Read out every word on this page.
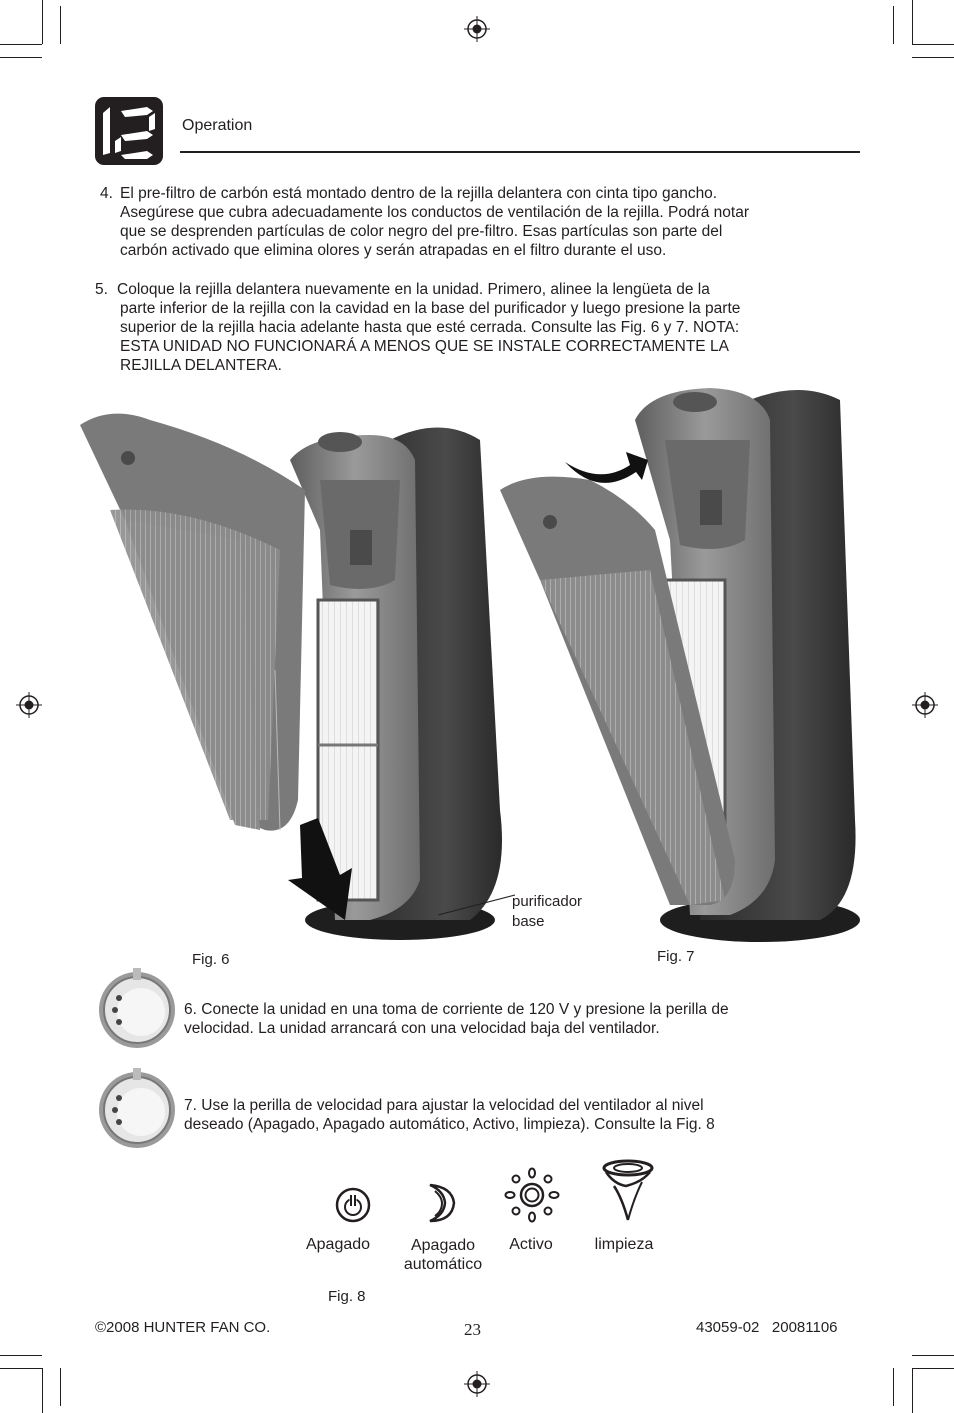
Operation
4. El pre-filtro de carbón está montado dentro de la rejilla delantera con cinta tipo gancho.

Asegúrese que cubra adecuadamente los conductos de ventilación de la rejilla. Podrá notar

que se desprenden partículas de color negro del pre-filtro. Esas partículas son parte del

carbón activado que elimina olores y serán atrapadas en el filtro durante el uso.

5. Coloque la rejilla delantera nuevamente en la unidad. Primero, alinee la lengüeta de la

parte inferior de la rejilla con la cavidad en la base del purificador y luego presione la parte

superior de la rejilla hacia adelante hasta que esté cerrada. Consulte las Fig. 6 y 7. NOTA:

ESTA UNIDAD NO FUNCIONARÁ A MENOS QUE SE INSTALE CORRECTAMENTE LA

REJILLA DELANTERA.

purificador
base
Fig. 6	Fig. 7

6. Conecte la unidad en una toma de corriente de 120 V y presione la perilla de

velocidad. La unidad arrancará con una velocidad baja del ventilador.

7. Use la perilla de velocidad para ajustar la velocidad del ventilador al nivel

deseado (Apagado, Apagado automático, Activo, limpieza). Consulte la Fig. 8

Apagado	Apagado
automático
Activo	limpieza
Fig. 8
©2008 HUNTER FAN CO.	23	43059-02   20081106
